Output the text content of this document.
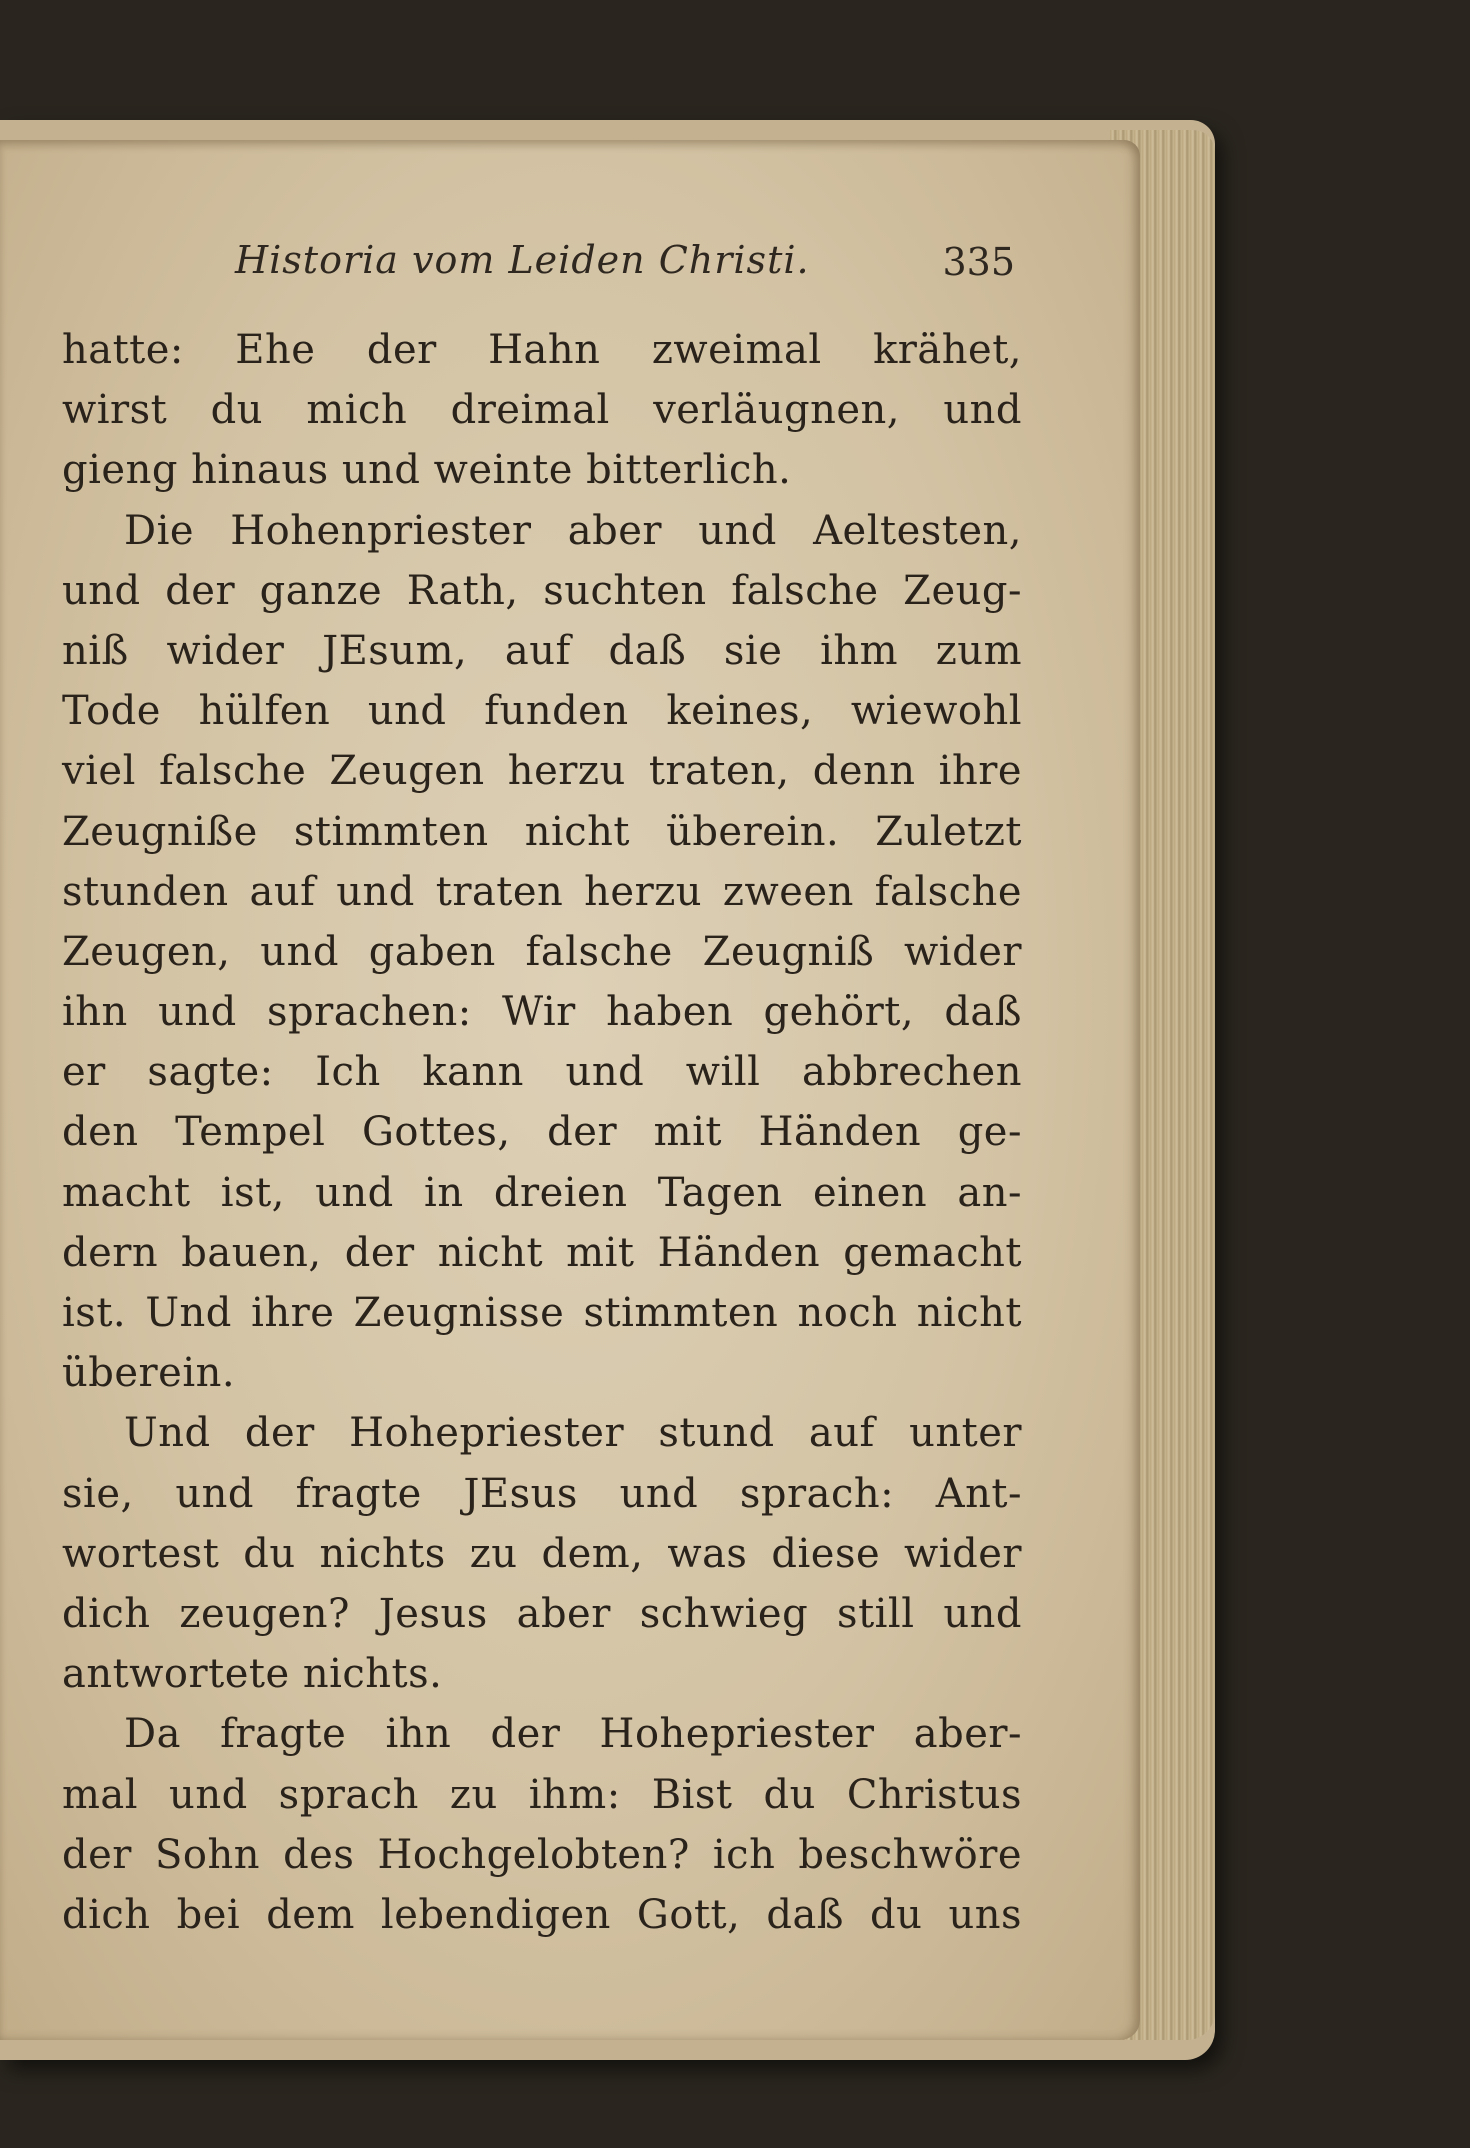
Historia vom Leiden Christi.	335
hatte: Ehe der Hahn zweimal krähet,
wirst du mich dreimal verläugnen, und
gieng hinaus und weinte bitterlich.
Die Hohenpriester aber und Aeltesten,
und der ganze Rath, suchten falsche Zeug-
niß wider JEsum, auf daß sie ihm zum
Tode hülfen und funden keines, wiewohl
viel falsche Zeugen herzu traten, denn ihre
Zeugniße stimmten nicht überein. Zuletzt
stunden auf und traten herzu zween falsche
Zeugen, und gaben falsche Zeugniß wider
ihn und sprachen: Wir haben gehört, daß
er sagte: Ich kann und will abbrechen
den Tempel Gottes, der mit Händen ge-
macht ist, und in dreien Tagen einen an-
dern bauen, der nicht mit Händen gemacht
ist. Und ihre Zeugnisse stimmten noch nicht
überein.
Und der Hohepriester stund auf unter
sie, und fragte JEsus und sprach: Ant-
wortest du nichts zu dem, was diese wider
dich zeugen? Jesus aber schwieg still und
antwortete nichts.
Da fragte ihn der Hohepriester aber-
mal und sprach zu ihm: Bist du Christus
der Sohn des Hochgelobten? ich beschwöre
dich bei dem lebendigen Gott, daß du uns
